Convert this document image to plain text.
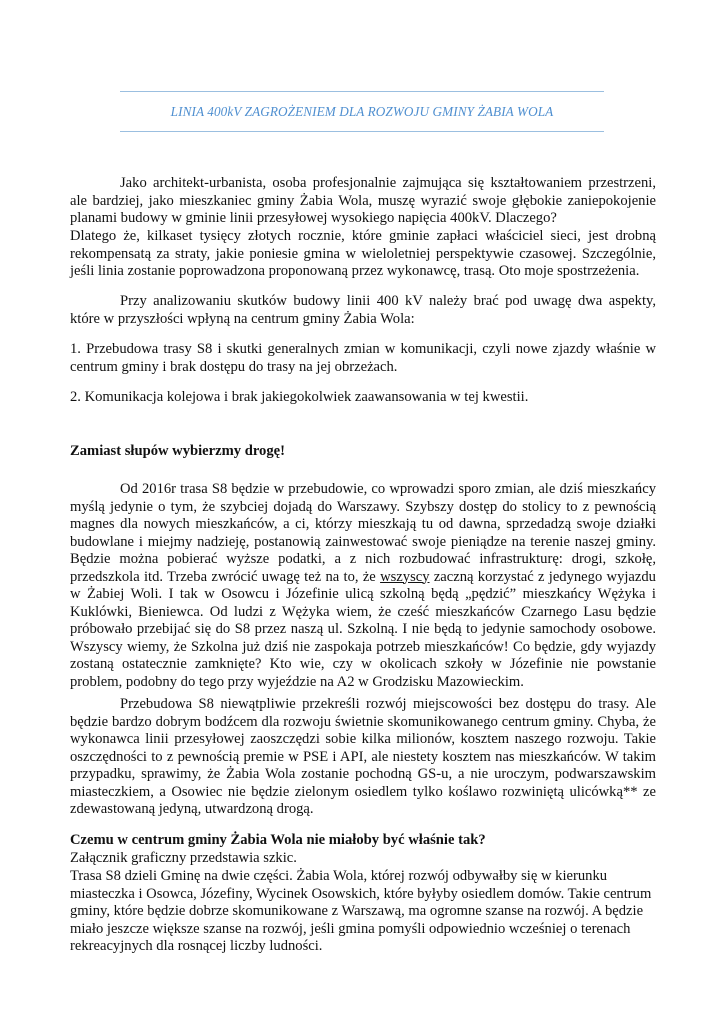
LINIA 400kV ZAGROŻENIEM DLA ROZWOJU GMINY ŻABIA WOLA

Jako architekt-urbanista, osoba profesjonalnie zajmująca się kształtowaniem przestrzeni, ale bardziej, jako mieszkaniec gminy Żabia Wola, muszę wyrazić swoje głębokie zaniepokojenie planami budowy w gminie linii przesyłowej wysokiego napięcia 400kV. Dlaczego?

Dlatego że, kilkaset tysięcy złotych rocznie, które gminie zapłaci właściciel sieci, jest drobną rekompensatą za straty, jakie poniesie gmina w wieloletniej perspektywie czasowej. Szczególnie, jeśli linia zostanie poprowadzona proponowaną przez wykonawcę, trasą. Oto moje spostrzeżenia.

Przy analizowaniu skutków budowy linii 400 kV należy brać pod uwagę dwa aspekty, które w przyszłości wpłyną na centrum gminy Żabia Wola:

1. Przebudowa trasy S8 i skutki generalnych zmian w komunikacji, czyli nowe zjazdy właśnie w centrum gminy i brak dostępu do trasy na jej obrzeżach.

2. Komunikacja kolejowa i brak jakiegokolwiek zaawansowania w tej kwestii.

Zamiast słupów wybierzmy drogę!

Od 2016r trasa S8 będzie w przebudowie, co wprowadzi sporo zmian, ale dziś mieszkańcy myślą jedynie o tym, że szybciej dojadą do Warszawy. Szybszy dostęp do stolicy to z pewnością magnes dla nowych mieszkańców, a ci, którzy mieszkają tu od dawna, sprzedadzą swoje działki budowlane i miejmy nadzieję, postanowią zainwestować swoje pieniądze na terenie naszej gminy. Będzie można pobierać wyższe podatki, a z nich rozbudować infrastrukturę: drogi, szkołę, przedszkola itd. Trzeba zwrócić uwagę też na to, że wszyscy zaczną korzystać z jedynego wyjazdu w Żabiej Woli. I tak w Osowcu i Józefinie ulicą szkolną będą „pędzić” mieszkańcy Wężyka i Kuklówki, Bieniewca. Od ludzi z Wężyka wiem, że cześć mieszkańców Czarnego Lasu będzie próbowało przebijać się do S8 przez naszą ul. Szkolną. I nie będą to jedynie samochody osobowe. Wszyscy wiemy, że Szkolna już dziś nie zaspokaja potrzeb mieszkańców! Co będzie, gdy wyjazdy zostaną ostatecznie zamknięte? Kto wie, czy w okolicach szkoły w Józefinie nie powstanie problem, podobny do tego przy wyjeździe na A2 w Grodzisku Mazowieckim.

Przebudowa S8 niewątpliwie przekreśli rozwój miejscowości bez dostępu do trasy. Ale będzie bardzo dobrym bodźcem dla rozwoju świetnie skomunikowanego centrum gminy. Chyba, że wykonawca linii przesyłowej zaoszczędzi sobie kilka milionów, kosztem naszego rozwoju. Takie oszczędności to z pewnością premie w PSE i API, ale niestety kosztem nas mieszkańców. W takim przypadku, sprawimy, że Żabia Wola zostanie pochodną GS-u, a nie uroczym, podwarszawskim miasteczkiem, a Osowiec nie będzie zielonym osiedlem tylko koślawo rozwiniętą ulicówką** ze zdewastowaną jedyną, utwardzoną drogą.

Czemu w centrum gminy Żabia Wola nie miałoby być właśnie tak?

Załącznik graficzny przedstawia szkic.

Trasa S8 dzieli Gminę na dwie części. Żabia Wola, której rozwój odbywałby się w kierunku miasteczka i Osowca, Józefiny, Wycinek Osowskich, które byłyby osiedlem domów. Takie centrum gminy, które będzie dobrze skomunikowane z Warszawą, ma ogromne szanse na rozwój. A będzie miało jeszcze większe szanse na rozwój, jeśli gmina pomyśli odpowiednio wcześniej o terenach rekreacyjnych dla rosnącej liczby ludności.
